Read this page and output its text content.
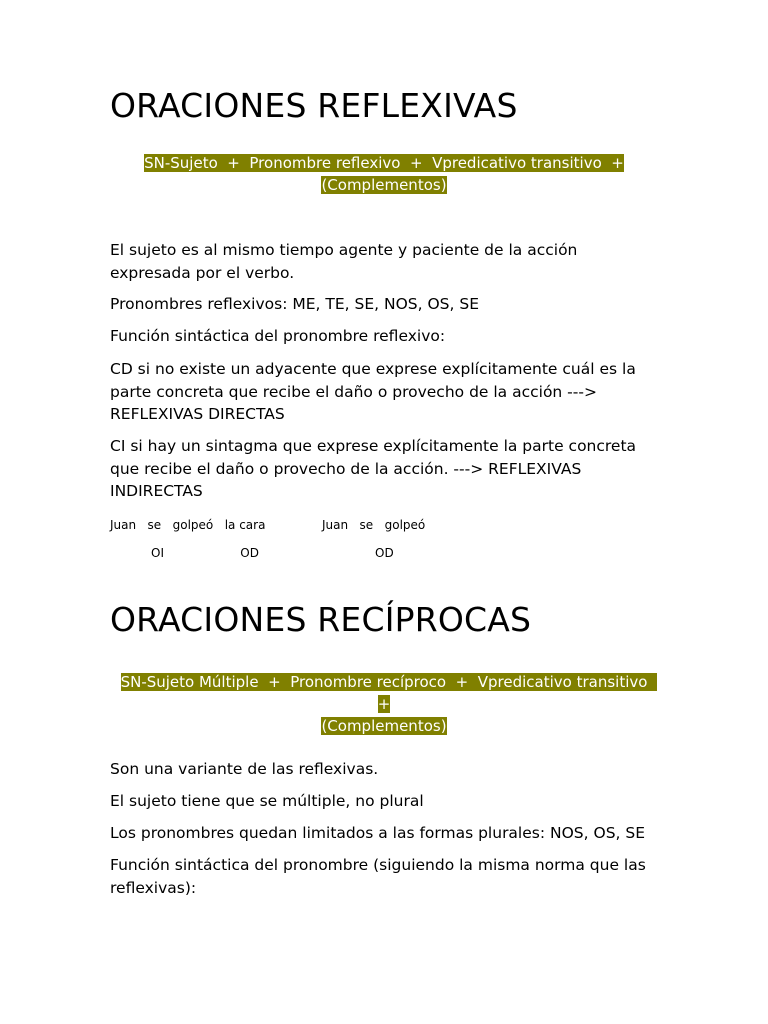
ORACIONES REFLEXIVAS
SN-Sujeto  +  Pronombre reflexivo  +  Vpredicativo transitivo  +
(Complementos)

El sujeto es al mismo tiempo agente y paciente de la acción expresada por el verbo.

Pronombres reflexivos: ME, TE, SE, NOS, OS, SE

Función sintáctica del pronombre reflexivo:

CD si no existe un adyacente que exprese explícitamente cuál es la parte concreta que recibe el daño o provecho de la acción ---> REFLEXIVAS DIRECTAS

CI si hay un sintagma que exprese explícitamente la parte concreta que recibe el daño o provecho de la acción. ---> REFLEXIVAS INDIRECTAS

Juan   se   golpeó   la cara

OI                    OD

Juan   se   golpeó

OD

ORACIONES RECÍPROCAS
SN-Sujeto Múltiple  +  Pronombre recíproco  +  Vpredicativo transitivo  +
(Complementos)

Son una variante de las reflexivas.

El sujeto tiene que se múltiple, no plural

Los pronombres quedan limitados a las formas plurales: NOS, OS, SE

Función sintáctica del pronombre (siguiendo la misma norma que las reflexivas):
